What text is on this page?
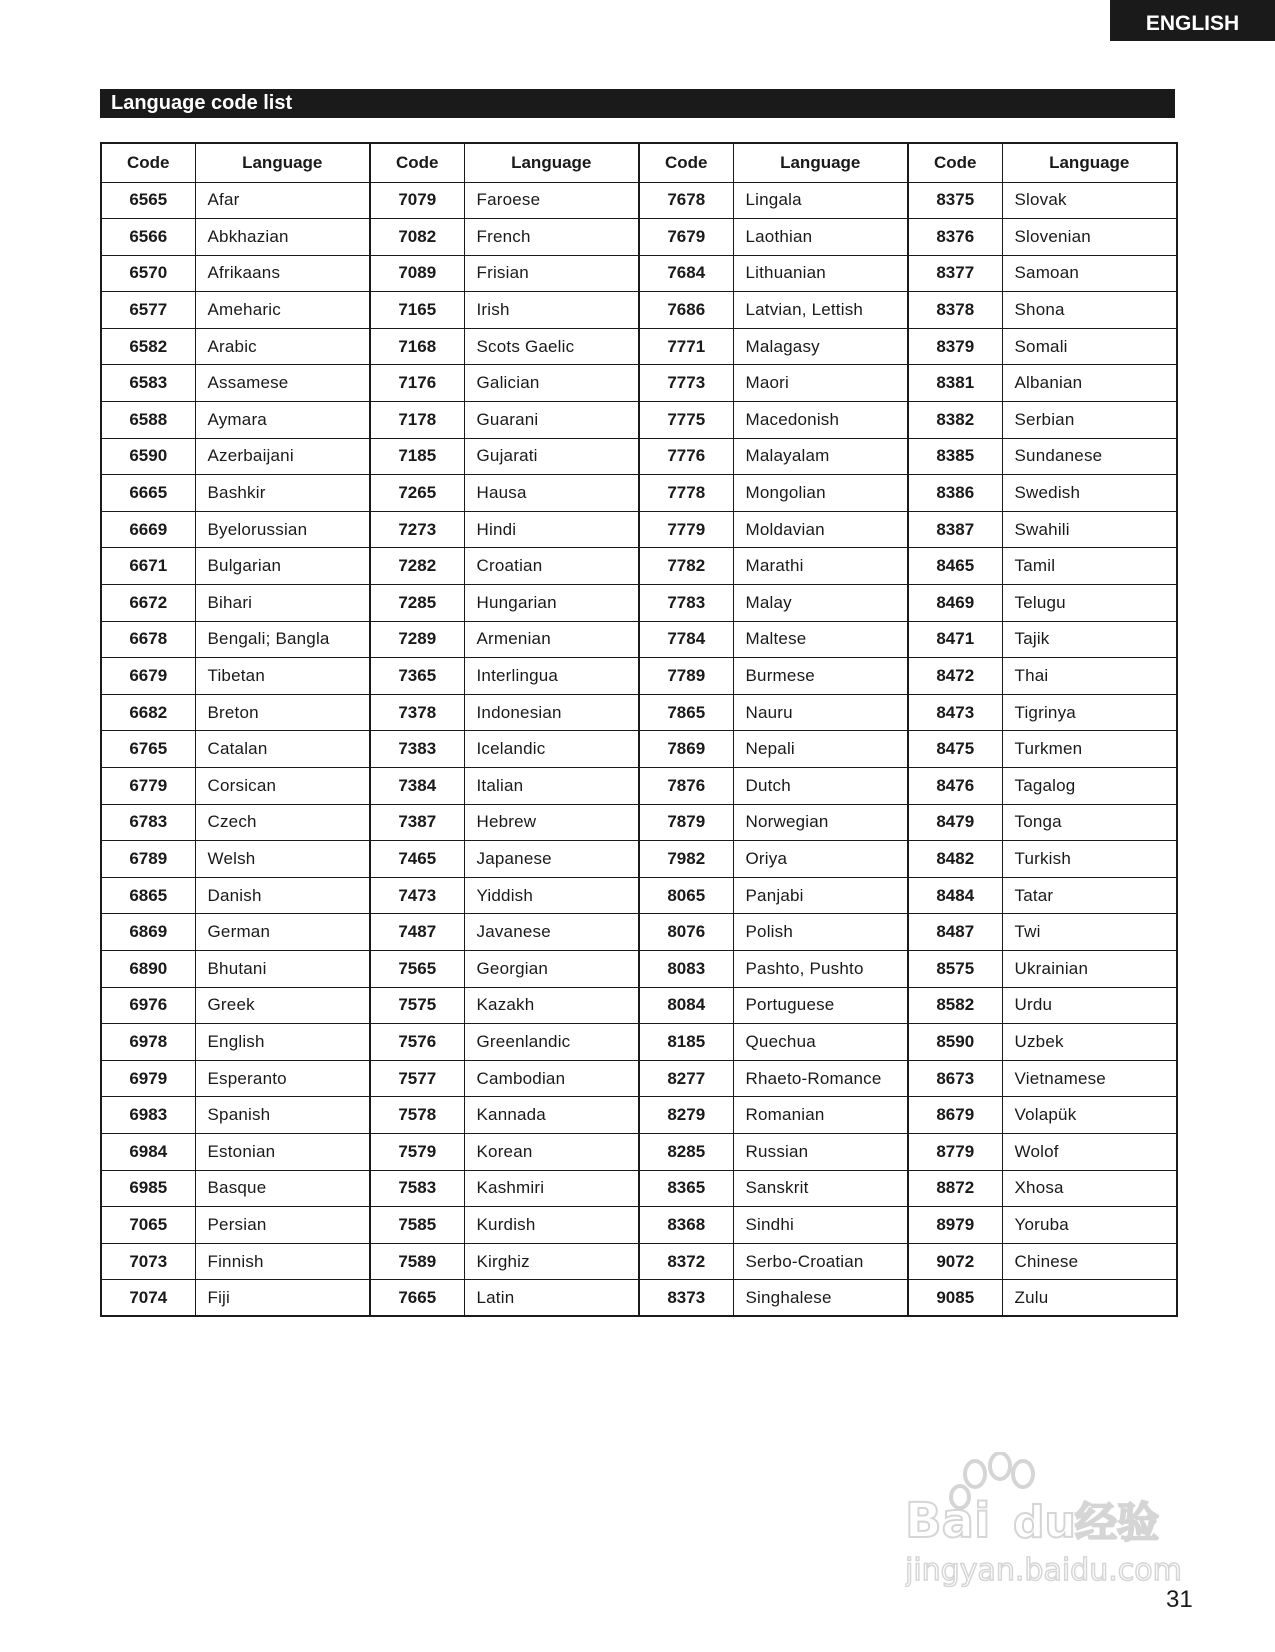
ENGLISH
Language code list
Code	Language	Code	Language	Code	Language	Code	Language
6565	Afar	7079	Faroese	7678	Lingala	8375	Slovak
6566	Abkhazian	7082	French	7679	Laothian	8376	Slovenian
6570	Afrikaans	7089	Frisian	7684	Lithuanian	8377	Samoan
6577	Ameharic	7165	Irish	7686	Latvian, Lettish	8378	Shona
6582	Arabic	7168	Scots Gaelic	7771	Malagasy	8379	Somali
6583	Assamese	7176	Galician	7773	Maori	8381	Albanian
6588	Aymara	7178	Guarani	7775	Macedonish	8382	Serbian
6590	Azerbaijani	7185	Gujarati	7776	Malayalam	8385	Sundanese
6665	Bashkir	7265	Hausa	7778	Mongolian	8386	Swedish
6669	Byelorussian	7273	Hindi	7779	Moldavian	8387	Swahili
6671	Bulgarian	7282	Croatian	7782	Marathi	8465	Tamil
6672	Bihari	7285	Hungarian	7783	Malay	8469	Telugu
6678	Bengali; Bangla	7289	Armenian	7784	Maltese	8471	Tajik
6679	Tibetan	7365	Interlingua	7789	Burmese	8472	Thai
6682	Breton	7378	Indonesian	7865	Nauru	8473	Tigrinya
6765	Catalan	7383	Icelandic	7869	Nepali	8475	Turkmen
6779	Corsican	7384	Italian	7876	Dutch	8476	Tagalog
6783	Czech	7387	Hebrew	7879	Norwegian	8479	Tonga
6789	Welsh	7465	Japanese	7982	Oriya	8482	Turkish
6865	Danish	7473	Yiddish	8065	Panjabi	8484	Tatar
6869	German	7487	Javanese	8076	Polish	8487	Twi
6890	Bhutani	7565	Georgian	8083	Pashto, Pushto	8575	Ukrainian
6976	Greek	7575	Kazakh	8084	Portuguese	8582	Urdu
6978	English	7576	Greenlandic	8185	Quechua	8590	Uzbek
6979	Esperanto	7577	Cambodian	8277	Rhaeto-Romance	8673	Vietnamese
6983	Spanish	7578	Kannada	8279	Romanian	8679	Volapük
6984	Estonian	7579	Korean	8285	Russian	8779	Wolof
6985	Basque	7583	Kashmiri	8365	Sanskrit	8872	Xhosa
7065	Persian	7585	Kurdish	8368	Sindhi	8979	Yoruba
7073	Finnish	7589	Kirghiz	8372	Serbo-Croatian	9072	Chinese
7074	Fiji	7665	Latin	8373	Singhalese	9085	Zulu
Bai du 经验
jingyan.baidu.com
31
